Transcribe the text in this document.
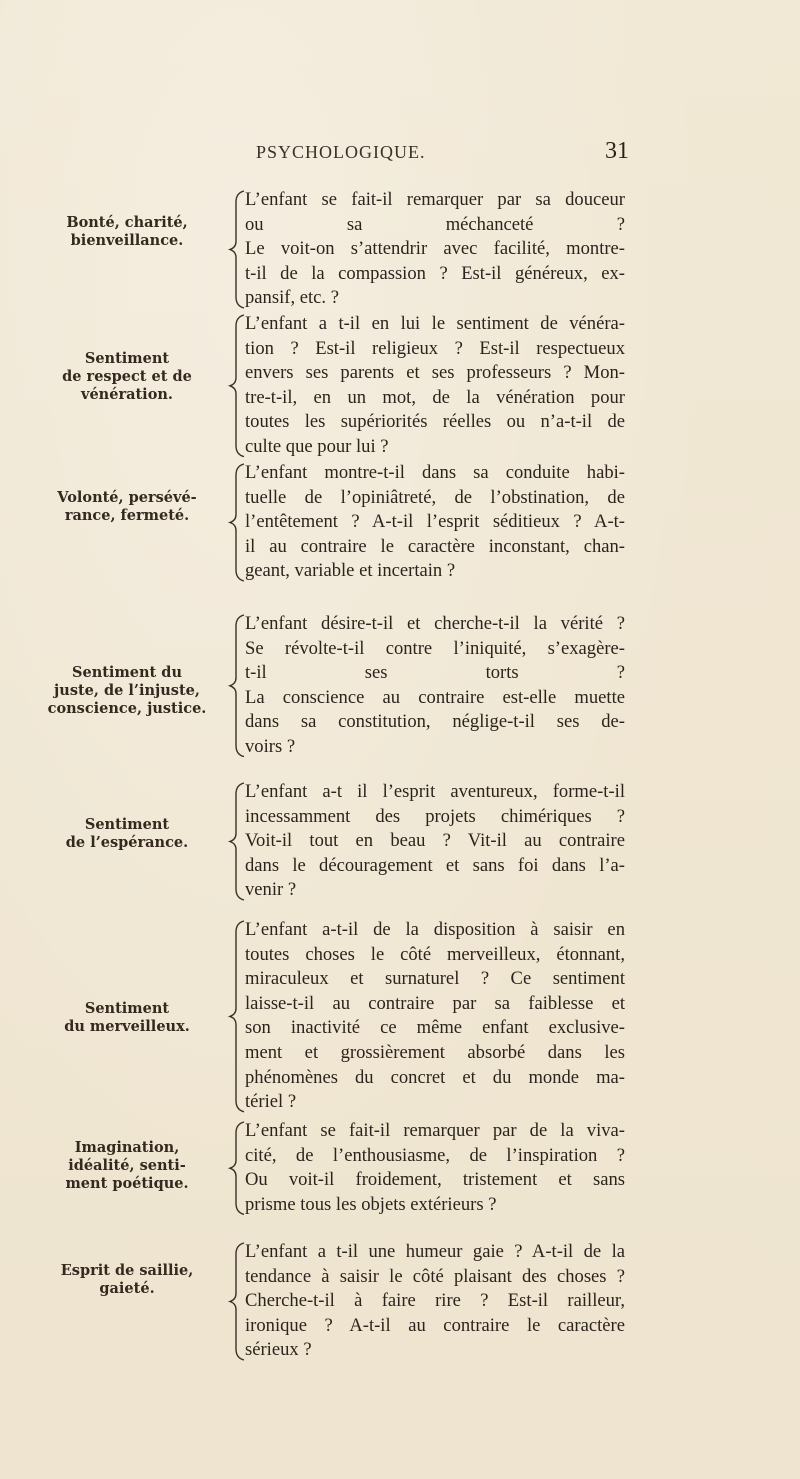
PSYCHOLOGIQUE.	31
Bonté, charité,
bienveillance.
L’enfant se fait-il remarquer par sa douceur
ou sa méchanceté ?
Le voit-on s’attendrir avec facilité, montre-
t-il de la compassion ? Est-il généreux, ex-
pansif, etc. ?
Sentiment
de respect et de
vénération.
L’enfant a t-il en lui le sentiment de vénéra-
tion ? Est-il religieux ? Est-il respectueux
envers ses parents et ses professeurs ? Mon-
tre-t-il, en un mot, de la vénération pour
toutes les supériorités réelles ou n’a-t-il de
culte que pour lui ?
Volonté, persévé-
rance, fermeté.
L’enfant montre-t-il dans sa conduite habi-
tuelle de l’opiniâtreté, de l’obstination, de
l’entêtement ? A-t-il l’esprit séditieux ? A-t-
il au contraire le caractère inconstant, chan-
geant, variable et incertain ?
Sentiment du
juste, de l’injuste,
conscience, justice.
L’enfant désire-t-il et cherche-t-il la vérité ?
Se révolte-t-il contre l’iniquité, s’exagère-
t-il ses torts ?
La conscience au contraire est-elle muette
dans sa constitution, néglige-t-il ses de-
voirs ?
Sentiment
de l’espérance.
L’enfant a-t il l’esprit aventureux, forme-t-il
incessamment des projets chimériques ?
Voit-il tout en beau ? Vit-il au contraire
dans le découragement et sans foi dans l’a-
venir ?
Sentiment
du merveilleux.
L’enfant a-t-il de la disposition à saisir en
toutes choses le côté merveilleux, étonnant,
miraculeux et surnaturel ? Ce sentiment
laisse-t-il au contraire par sa faiblesse et
son inactivité ce même enfant exclusive-
ment et grossièrement absorbé dans les
phénomènes du concret et du monde ma-
tériel ?
Imagination,
idéalité, senti-
ment poétique.
L’enfant se fait-il remarquer par de la viva-
cité, de l’enthousiasme, de l’inspiration ?
Ou voit-il froidement, tristement et sans
prisme tous les objets extérieurs ?
Esprit de saillie,
gaieté.
L’enfant a t-il une humeur gaie ? A-t-il de la
tendance à saisir le côté plaisant des choses ?
Cherche-t-il à faire rire ? Est-il railleur,
ironique ? A-t-il au contraire le caractère
sérieux ?
